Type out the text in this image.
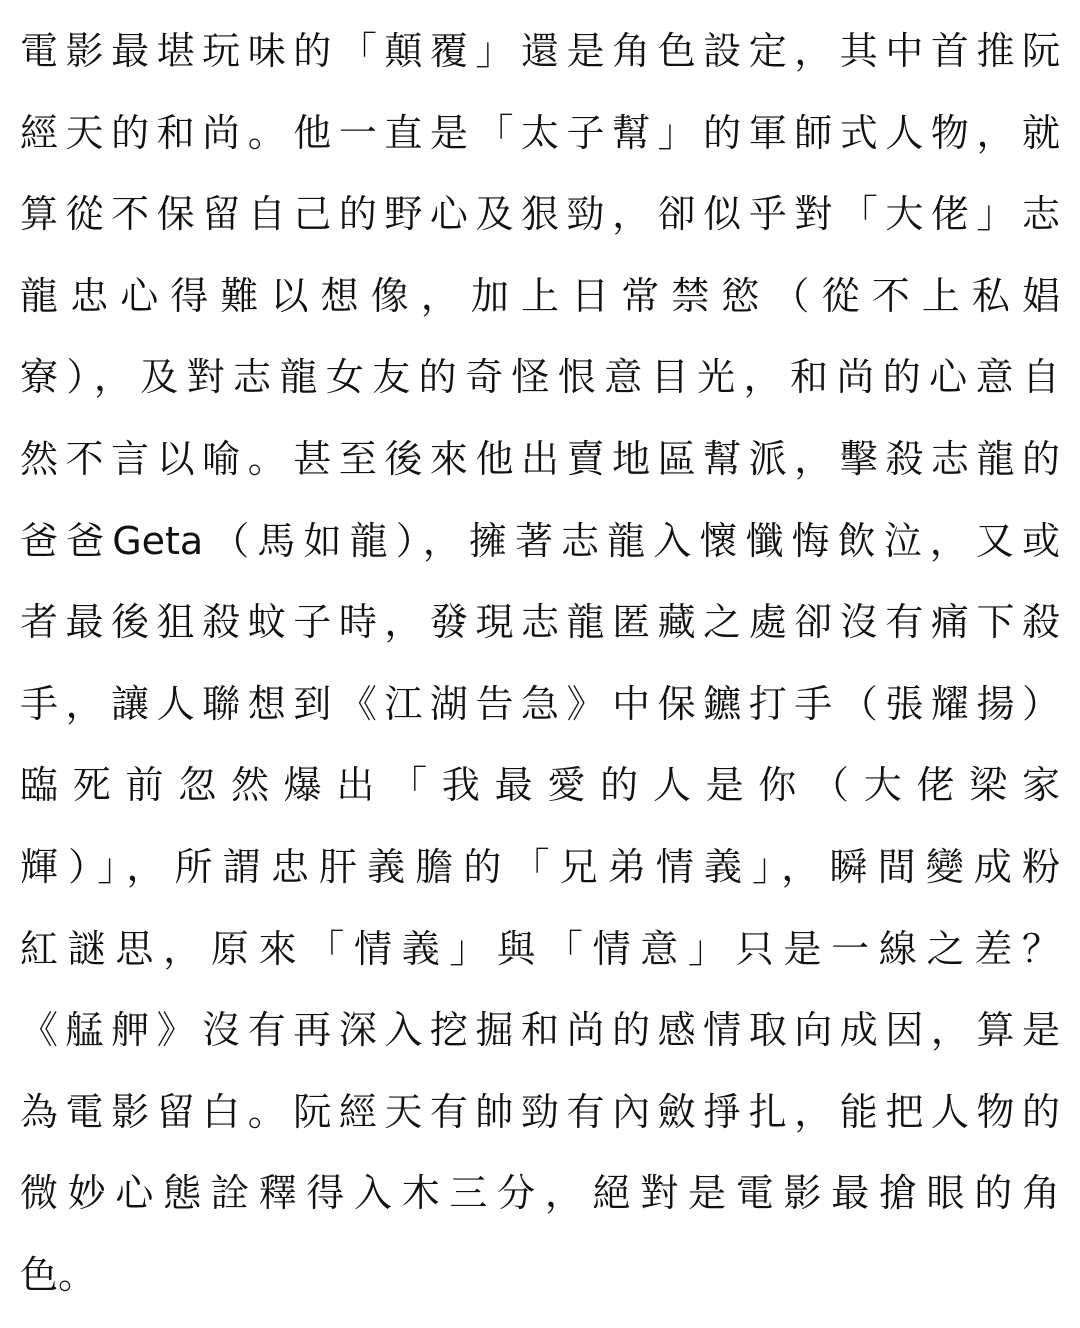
電影最堪玩味的「顛覆」還是角色設定，其中首推阮
經天的和尚。他一直是「太子幫」的軍師式人物，就
算從不保留自己的野心及狠勁，卻似乎對「大佬」志
龍忠心得難以想像，加上日常禁慾（從不上私娼
寮），及對志龍女友的奇怪恨意目光，和尚的心意自
然不言以喻。甚至後來他出賣地區幫派，擊殺志龍的
爸爸Geta（馬如龍），擁著志龍入懷懺悔飲泣，又或
者最後狙殺蚊子時，發現志龍匿藏之處卻沒有痛下殺
手，讓人聯想到《江湖告急》中保鑣打手（張耀揚）
臨死前忽然爆出「我最愛的人是你（大佬梁家
輝）」，所謂忠肝義膽的「兄弟情義」，瞬間變成粉
紅謎思，原來「情義」與「情意」只是一線之差？
《艋舺》沒有再深入挖掘和尚的感情取向成因，算是
為電影留白。阮經天有帥勁有內斂掙扎，能把人物的
微妙心態詮釋得入木三分，絕對是電影最搶眼的角
色。
